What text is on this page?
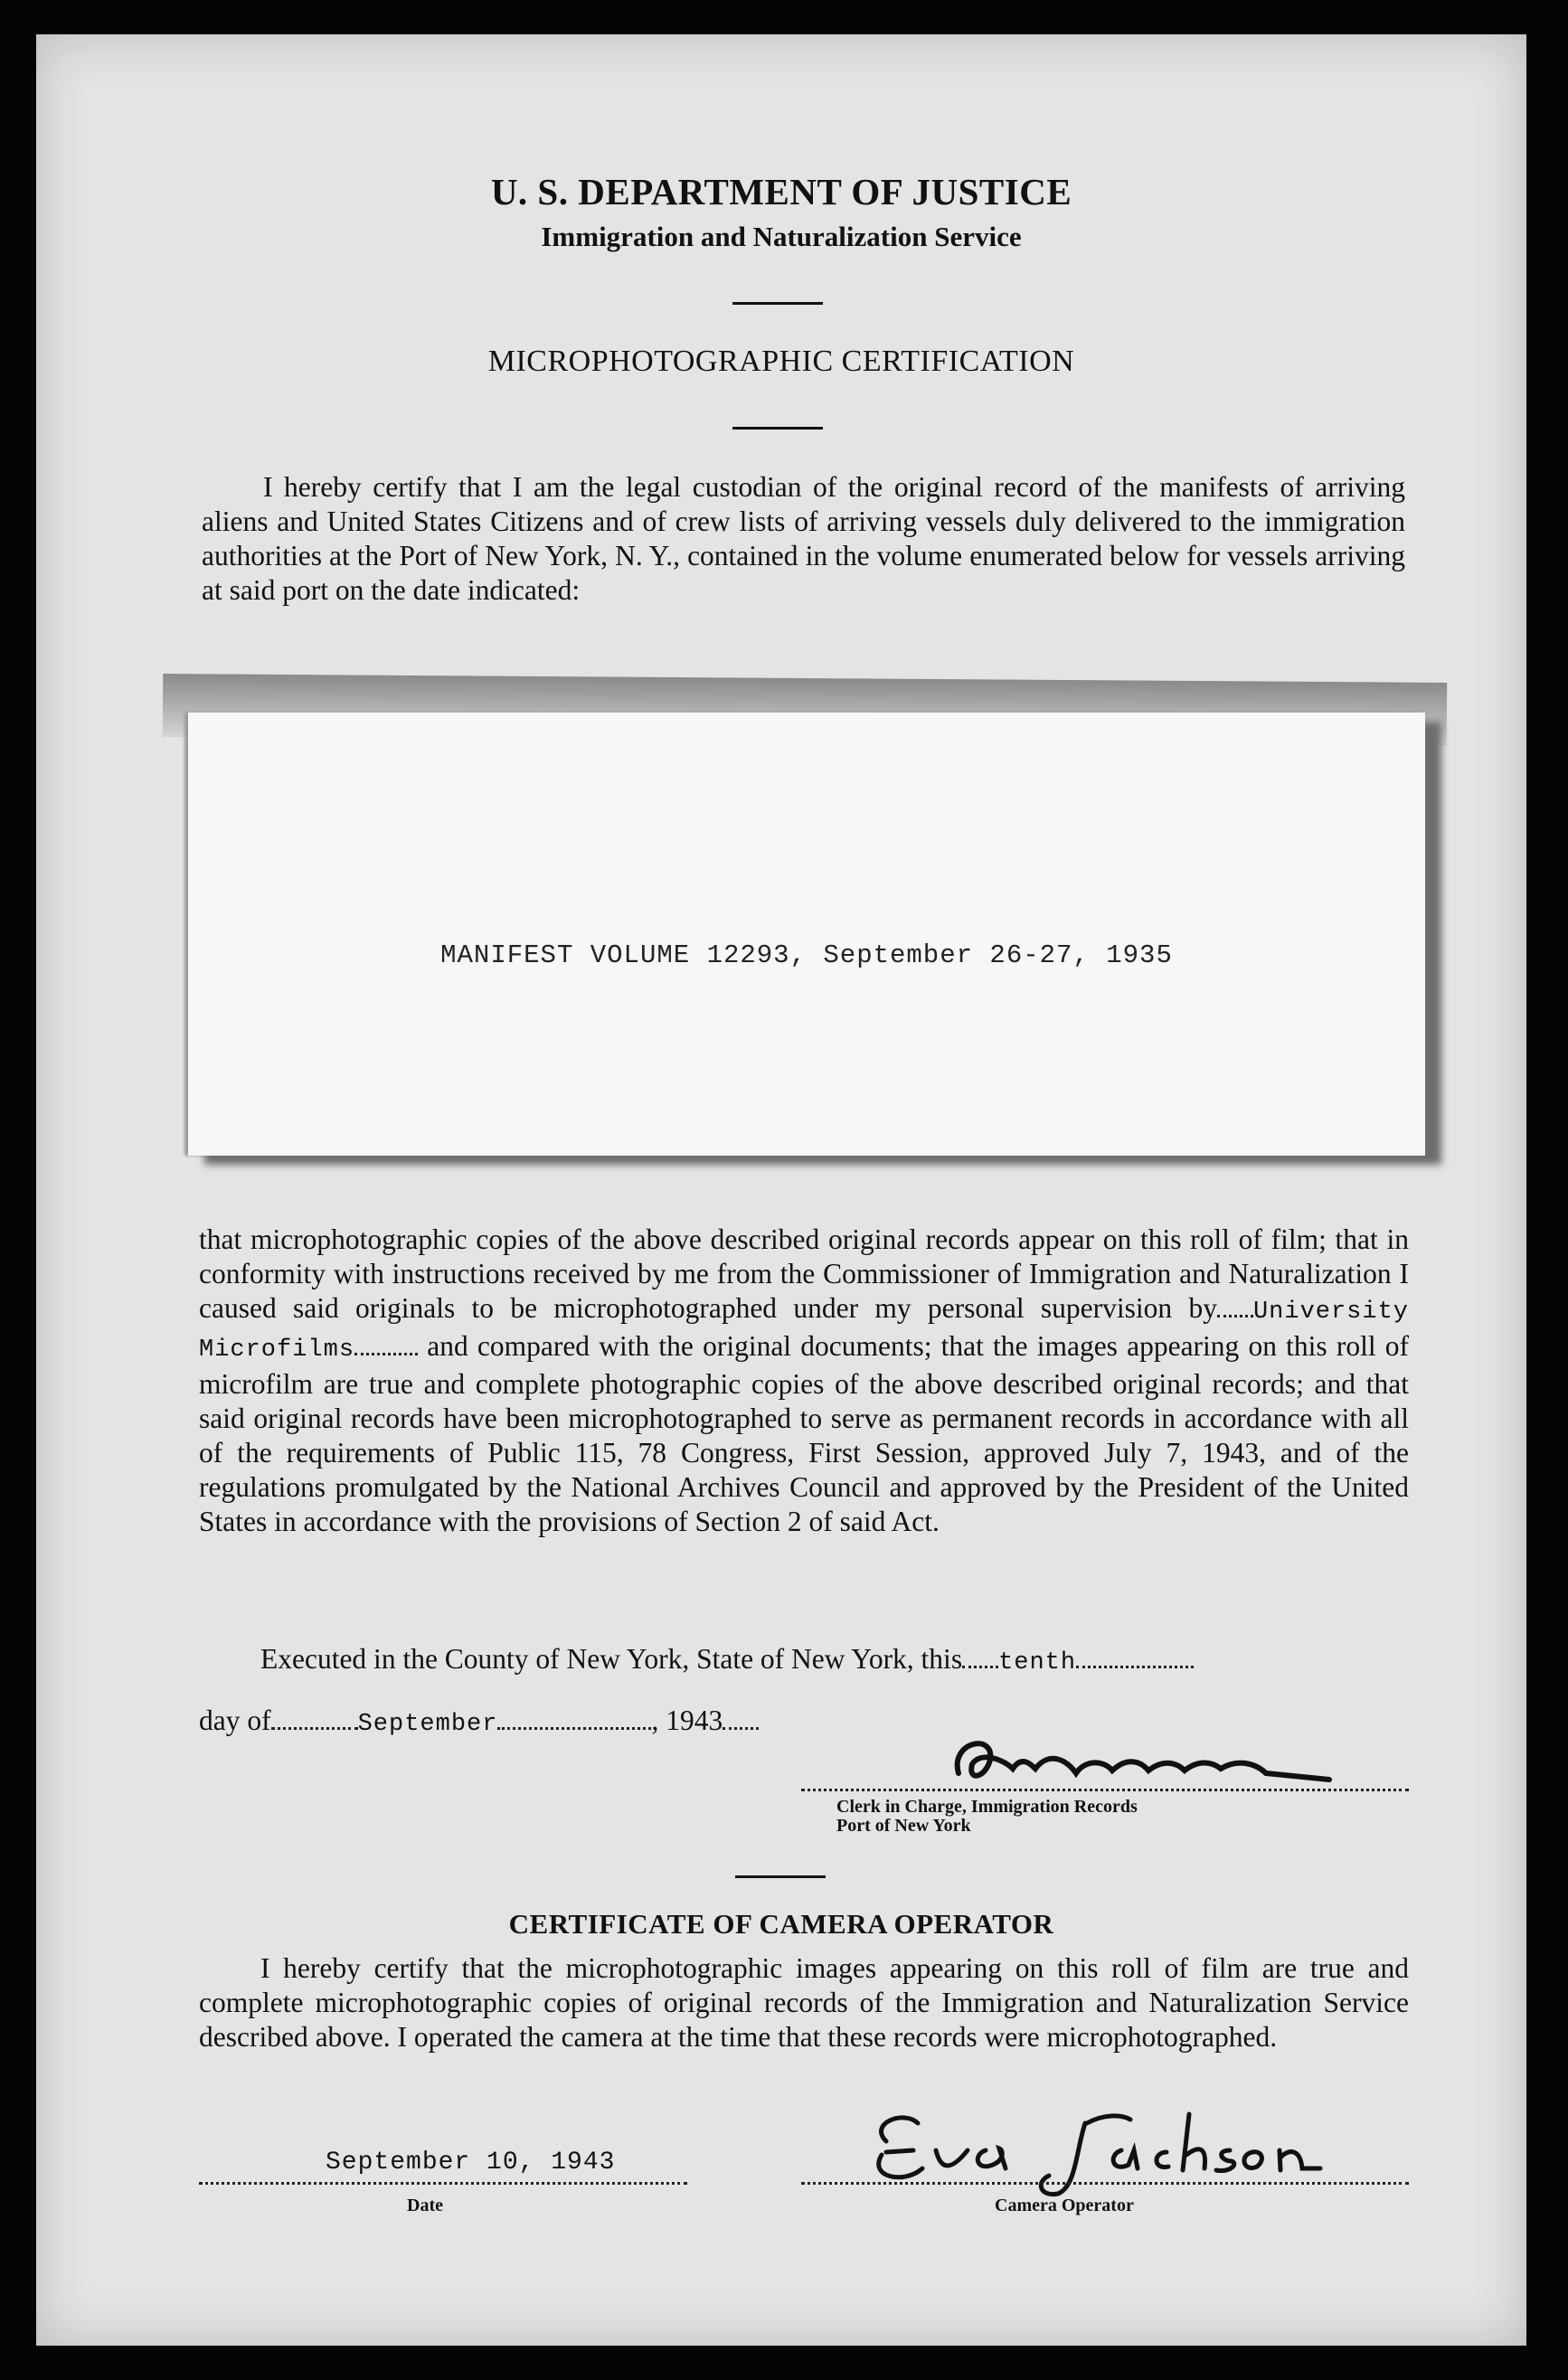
U. S. DEPARTMENT OF JUSTICE
Immigration and Naturalization Service
MICROPHOTOGRAPHIC CERTIFICATION

I hereby certify that I am the legal custodian of the original record of the manifests of arriving aliens and United States Citizens and of crew lists of arriving vessels duly delivered to the immigration authorities at the Port of New York, N. Y., contained in the volume enumerated below for vessels arriving at said port on the date indicated:

MANIFEST VOLUME 12293, September 26-27, 1935

that microphotographic copies of the above described original records appear on this roll of film; that in conformity with instructions received by me from the Commissioner of Immigration and Naturalization I caused said originals to be microphotographed under my personal supervision by University Microfilms	and compared with the original documents; that the images appearing on this roll of microfilm are true and complete photographic copies of the above described original records; and that said original records have been microphotographed to serve as permanent records in accordance with all of the requirements of Public 115, 78 Congress, First Session, approved July 7, 1943, and of the regulations promulgated by the National Archives Council and approved by the President of the United States in accordance with the provisions of Section 2 of said Act.

Executed in the County of New York, State of New York, this tenth
day of	September	, 1943
Clerk in Charge, Immigration Records
Port of New York
CERTIFICATE OF CAMERA OPERATOR

I hereby certify that the microphotographic images appearing on this roll of film are true and complete microphotographic copies of original records of the Immigration and Naturalization Service described above. I operated the camera at the time that these records were microphotographed.

September 10, 1943
Date	Camera Operator
